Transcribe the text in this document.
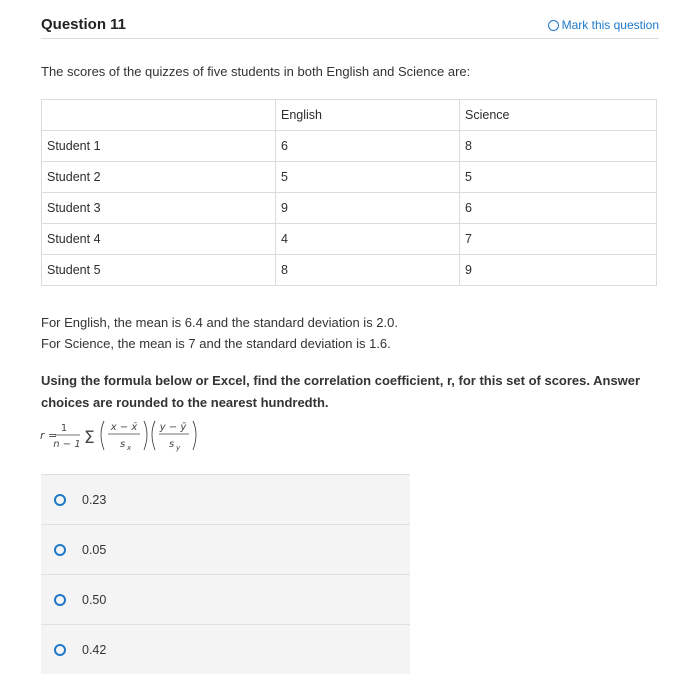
Question 11	Mark this question
The scores of the quizzes of five students in both English and Science are:
	English	Science
Student 1	6	8
Student 2	5	5
Student 3	9	6
Student 4	4	7
Student 5	8	9
For English, the mean is 6.4 and the standard deviation is 2.0.
For Science, the mean is 7 and the standard deviation is 1.6.
Using the formula below or Excel, find the correlation coefficient, r, for this set of scores. Answer choices are rounded to the nearest hundredth.
r =
1
n − 1 Σ
x − x̄
s x
y − ȳ
s y
0.23
0.05
0.50
0.42
